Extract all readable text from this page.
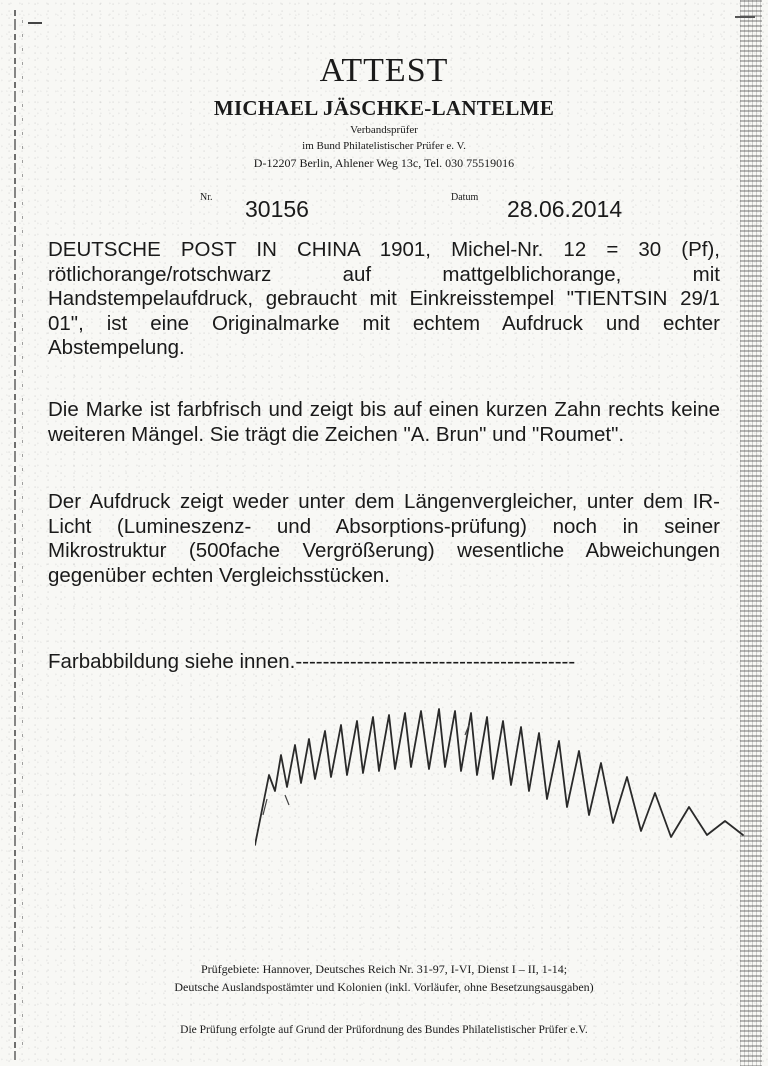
ATTEST
MICHAEL JÄSCHKE-LANTELME
Verbandsprüfer
im Bund Philatelistischer Prüfer e. V.
D-12207 Berlin, Ahlener Weg 13c, Tel. 030 75519016
Nr. 30156	Datum 28.06.2014
DEUTSCHE POST IN CHINA 1901, Michel-Nr. 12 = 30 (Pf), rötlichorange/rotschwarz auf mattgelblichorange, mit Handstempelaufdruck, gebraucht mit Einkreisstempel "TIENTSIN 29/1 01", ist eine Originalmarke mit echtem Aufdruck und echter Abstempelung.
Die Marke ist farbfrisch und zeigt bis auf einen kurzen Zahn rechts keine weiteren Mängel. Sie trägt die Zeichen "A. Brun" und "Roumet".
Der Aufdruck zeigt weder unter dem Längenvergleicher, unter dem IR-Licht (Lumineszenz- und Absorptions-prüfung) noch in seiner Mikrostruktur (500fache Vergrößerung) wesentliche Abweichungen gegenüber echten Vergleichsstücken.
Farbabbildung siehe innen.-----------------------------------------
Prüfgebiete: Hannover, Deutsches Reich Nr. 31-97, I-VI, Dienst I – II, 1-14;
Deutsche Auslandspostämter und Kolonien (inkl. Vorläufer, ohne Besetzungsausgaben)
Die Prüfung erfolgte auf Grund der Prüfordnung des Bundes Philatelistischer Prüfer e.V.
